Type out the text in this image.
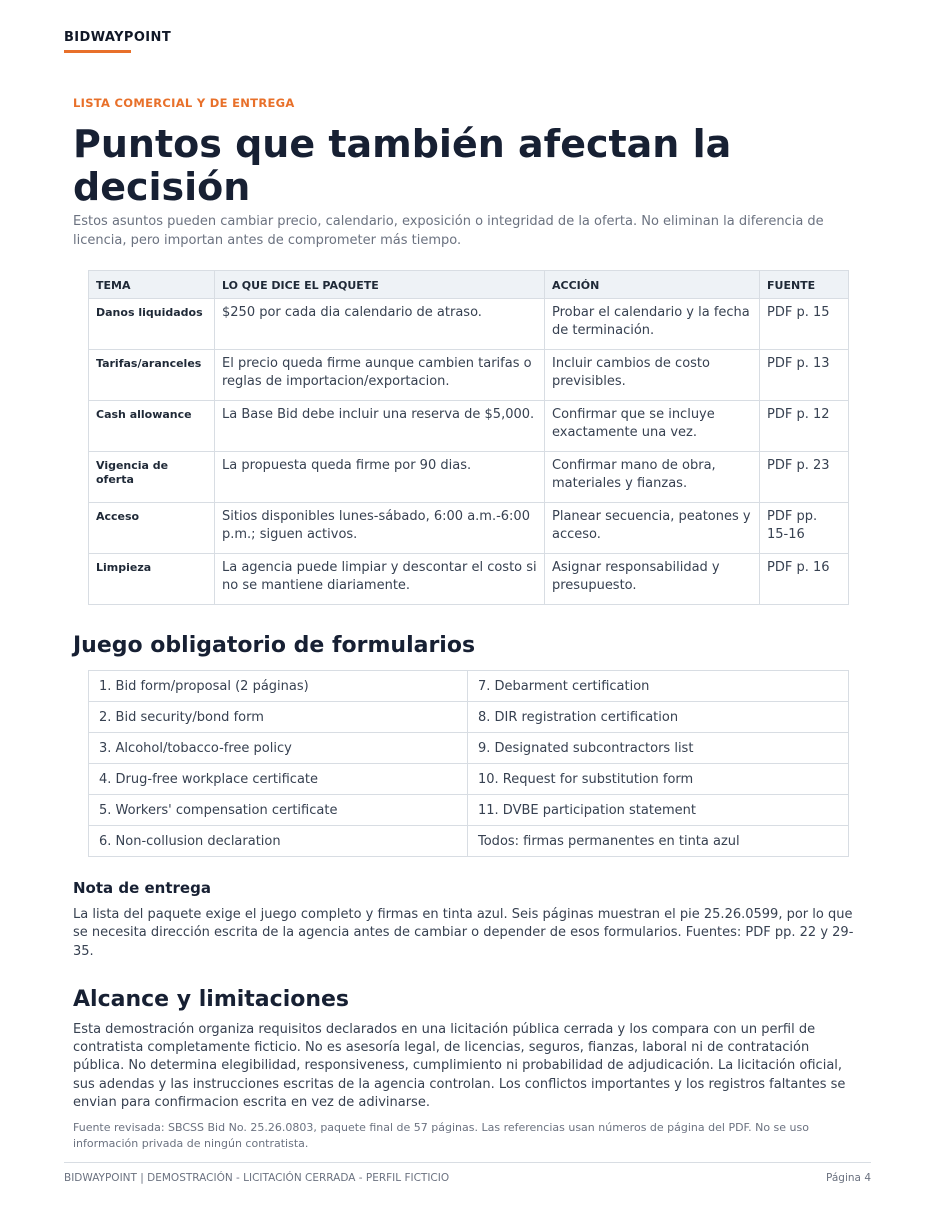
BIDWAYPOINT
LISTA COMERCIAL Y DE ENTREGA
Puntos que también afectan la decisión

Estos asuntos pueden cambiar precio, calendario, exposición o integridad de la oferta. No eliminan la diferencia de licencia, pero importan antes de comprometer más tiempo.

TEMA	LO QUE DICE EL PAQUETE	ACCIÓN	FUENTE
Danos liquidados	$250 por cada dia calendario de atraso.	Probar el calendario y la fecha de terminación.	PDF p. 15
Tarifas/aranceles	El precio queda firme aunque cambien tarifas o reglas de importacion/exportacion.	Incluir cambios de costo previsibles.	PDF p. 13
Cash allowance	La Base Bid debe incluir una reserva de $5,000.	Confirmar que se incluye exactamente una vez.	PDF p. 12
Vigencia de oferta	La propuesta queda firme por 90 dias.	Confirmar mano de obra, materiales y fianzas.	PDF p. 23
Acceso	Sitios disponibles lunes-sábado, 6:00 a.m.-6:00 p.m.; siguen activos.	Planear secuencia, peatones y acceso.	PDF pp. 15-16
Limpieza	La agencia puede limpiar y descontar el costo si no se mantiene diariamente.	Asignar responsabilidad y presupuesto.	PDF p. 16
Juego obligatorio de formularios
1. Bid form/proposal (2 páginas)	7. Debarment certification
2. Bid security/bond form	8. DIR registration certification
3. Alcohol/tobacco-free policy	9. Designated subcontractors list
4. Drug-free workplace certificate	10. Request for substitution form
5. Workers' compensation certificate	11. DVBE participation statement
6. Non-collusion declaration	Todos: firmas permanentes en tinta azul
Nota de entrega

La lista del paquete exige el juego completo y firmas en tinta azul. Seis páginas muestran el pie 25.26.0599, por lo que se necesita dirección escrita de la agencia antes de cambiar o depender de esos formularios. Fuentes: PDF pp. 22 y 29-35.

Alcance y limitaciones

Esta demostración organiza requisitos declarados en una licitación pública cerrada y los compara con un perfil de contratista completamente ficticio. No es asesoría legal, de licencias, seguros, fianzas, laboral ni de contratación pública. No determina elegibilidad, responsiveness, cumplimiento ni probabilidad de adjudicación. La licitación oficial, sus adendas y las instrucciones escritas de la agencia controlan. Los conflictos importantes y los registros faltantes se envian para confirmacion escrita en vez de adivinarse.

Fuente revisada: SBCSS Bid No. 25.26.0803, paquete final de 57 páginas. Las referencias usan números de página del PDF. No se uso información privada de ningún contratista.

BIDWAYPOINT | DEMOSTRACIÓN - LICITACIÓN CERRADA - PERFIL FICTICIO	Página 4
